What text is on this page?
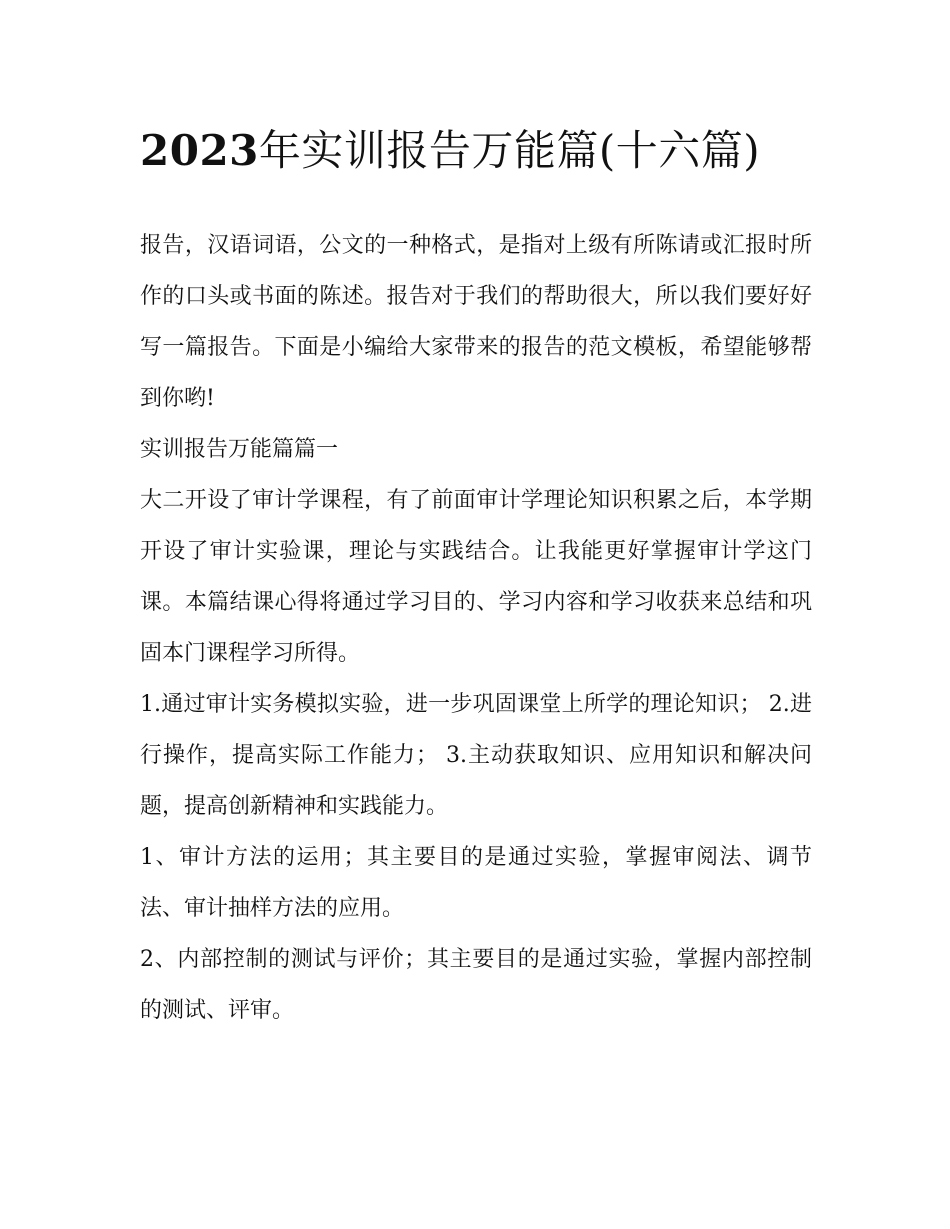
2023年实训报告万能篇(十六篇)

报告，汉语词语，公文的一种格式，是指对上级有所陈请或汇报时所作的口头或书面的陈述。报告对于我们的帮助很大，所以我们要好好写一篇报告。下面是小编给大家带来的报告的范文模板，希望能够帮到你哟!

实训报告万能篇篇一

大二开设了审计学课程，有了前面审计学理论知识积累之后，本学期开设了审计实验课，理论与实践结合。让我能更好掌握审计学这门课。本篇结课心得将通过学习目的、学习内容和学习收获来总结和巩固本门课程学习所得。

1.通过审计实务模拟实验，进一步巩固课堂上所学的理论知识； 2.进行操作，提高实际工作能力； 3.主动获取知识、应用知识和解决问题，提高创新精神和实践能力。

1、审计方法的运用；其主要目的是通过实验，掌握审阅法、调节法、审计抽样方法的应用。

2、内部控制的测试与评价；其主要目的是通过实验，掌握内部控制的测试、评审。
